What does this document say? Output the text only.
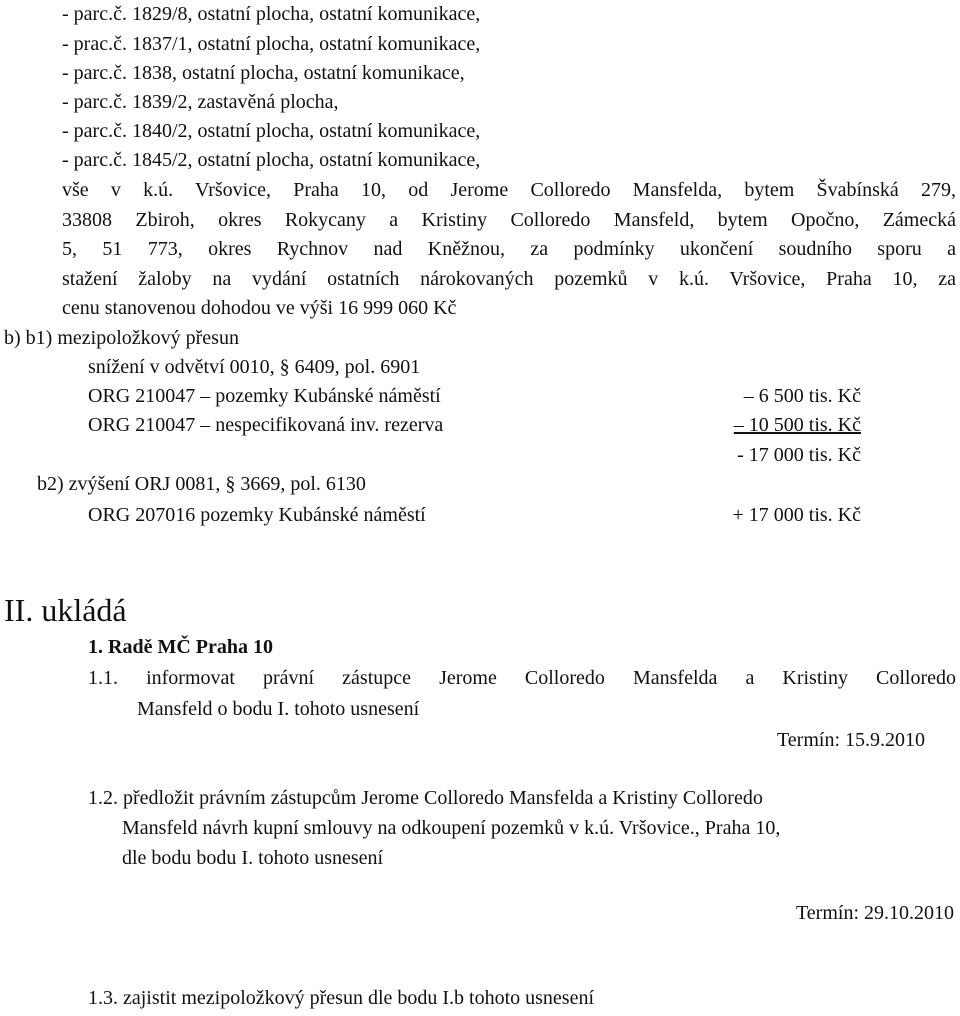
- parc.č. 1829/8, ostatní plocha, ostatní komunikace,
- prac.č. 1837/1, ostatní plocha, ostatní komunikace,
- parc.č. 1838, ostatní plocha, ostatní komunikace,
- parc.č. 1839/2, zastavěná plocha,
- parc.č. 1840/2, ostatní plocha, ostatní komunikace,
- parc.č. 1845/2, ostatní plocha, ostatní komunikace,
vše v k.ú. Vršovice, Praha 10, od Jerome Colloredo Mansfelda, bytem Švabínská 279,
33808 Zbiroh, okres Rokycany a Kristiny Colloredo Mansfeld, bytem Opočno, Zámecká
5, 51 773, okres Rychnov nad Kněžnou, za podmínky ukončení soudního sporu a
stažení žaloby na vydání ostatních nárokovaných pozemků v k.ú. Vršovice, Praha 10, za
cenu stanovenou dohodou ve výši 16 999 060 Kč
b) b1) mezipoložkový přesun
snížení v odvětví 0010, § 6409, pol. 6901
ORG 210047 – pozemky Kubánské náměstí	– 6 500 tis. Kč
ORG 210047 – nespecifikovaná inv. rezerva	– 10 500 tis. Kč
- 17 000 tis. Kč
b2) zvýšení ORJ 0081, § 3669, pol. 6130
ORG 207016 pozemky Kubánské náměstí	+ 17 000 tis. Kč
II. ukládá
1. Radě MČ Praha 10
1.1. informovat právní zástupce Jerome Colloredo Mansfelda a Kristiny Colloredo
Mansfeld o bodu I. tohoto usnesení
Termín: 15.9.2010
1.2. předložit právním zástupcům Jerome Colloredo Mansfelda a Kristiny Colloredo
Mansfeld návrh kupní smlouvy na odkoupení pozemků v k.ú. Vršovice., Praha 10,
dle bodu bodu I. tohoto usnesení
Termín: 29.10.2010
1.3. zajistit mezipoložkový přesun dle bodu I.b tohoto usnesení
